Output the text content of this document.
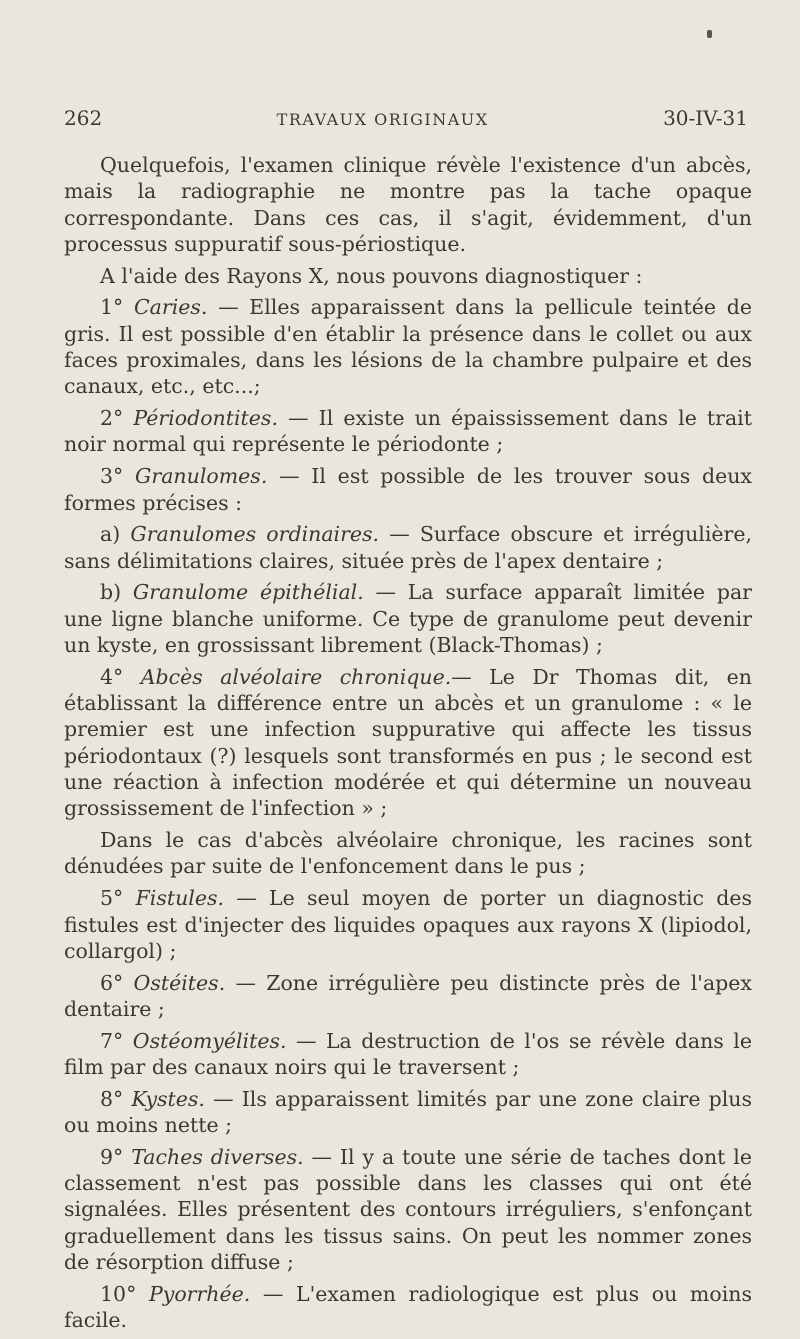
262	TRAVAUX ORIGINAUX	30-IV-31

Quelquefois, l'examen clinique révèle l'existence d'un abcès, mais la radiographie ne montre pas la tache opaque correspondante. Dans ces cas, il s'agit, évidemment, d'un processus suppuratif sous-périostique.

A l'aide des Rayons X, nous pouvons diagnostiquer :

1° Caries. — Elles apparaissent dans la pellicule teintée de gris. Il est possible d'en établir la présence dans le collet ou aux faces proximales, dans les lésions de la chambre pulpaire et des canaux, etc., etc...;

2° Périodontites. — Il existe un épaississement dans le trait noir normal qui représente le périodonte ;

3° Granulomes. — Il est possible de les trouver sous deux formes précises :

a) Granulomes ordinaires. — Surface obscure et irrégulière, sans délimitations claires, située près de l'apex dentaire ;

b) Granulome épithélial. — La surface apparaît limitée par une ligne blanche uniforme. Ce type de granulome peut devenir un kyste, en grossissant librement (Black-Thomas) ;

4° Abcès alvéolaire chronique.— Le Dr Thomas dit, en établissant la différence entre un abcès et un granulome : « le premier est une infection suppurative qui affecte les tissus périodontaux (?) lesquels sont transformés en pus ; le second est une réaction à infection modérée et qui détermine un nouveau grossissement de l'infection » ;

Dans le cas d'abcès alvéolaire chronique, les racines sont dénudées par suite de l'enfoncement dans le pus ;

5° Fistules. — Le seul moyen de porter un diagnostic des fistules est d'injecter des liquides opaques aux rayons X (lipiodol, collargol) ;

6° Ostéites. — Zone irrégulière peu distincte près de l'apex dentaire ;

7° Ostéomyélites. — La destruction de l'os se révèle dans le film par des canaux noirs qui le traversent ;

8° Kystes. — Ils apparaissent limités par une zone claire plus ou moins nette ;

9° Taches diverses. — Il y a toute une série de taches dont le classement n'est pas possible dans les classes qui ont été signalées. Elles présentent des contours irréguliers, s'enfonçant graduellement dans les tissus sains. On peut les nommer zones de résorption diffuse ;

10° Pyorrhée. — L'examen radiologique est plus ou moins facile.
